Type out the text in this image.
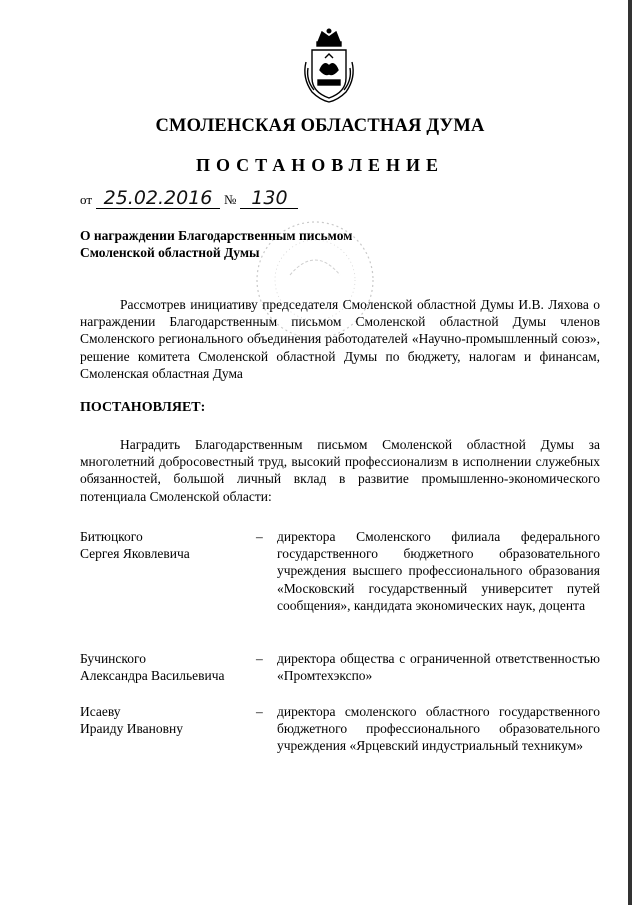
СМОЛЕНСКАЯ ОБЛАСТНАЯ ДУМА
ПОСТАНОВЛЕНИЕ
от 25.02.2016 № 130
О награждении Благодарственным письмом
Смоленской областной Думы
Рассмотрев инициативу председателя Смоленской областной Думы И.В. Ляхова о награждении Благодарственным письмом Смоленской областной Думы членов Смоленского регионального объединения работодателей «Научно-промышленный союз», решение комитета Смоленской областной Думы по бюджету, налогам и финансам, Смоленская областная Дума
ПОСТАНОВЛЯЕТ:
Наградить Благодарственным письмом Смоленской областной Думы за многолетний добросовестный труд, высокий профессионализм в исполнении служебных обязанностей, большой личный вклад в развитие промышленно-экономического потенциала Смоленской области:
Битюцкого
Сергея Яковлевича
– директора Смоленского филиала федерального государственного бюджетного образовательного учреждения высшего профессионального образования «Московский государственный университет путей сообщения», кандидата экономических наук, доцента
Бучинского
Александра Васильевича
– директора общества с ограниченной ответственностью «Промтехэкспо»
Исаеву
Ираиду Ивановну
– директора смоленского областного государственного бюджетного профессионального образовательного учреждения «Ярцевский индустриальный техникум»
